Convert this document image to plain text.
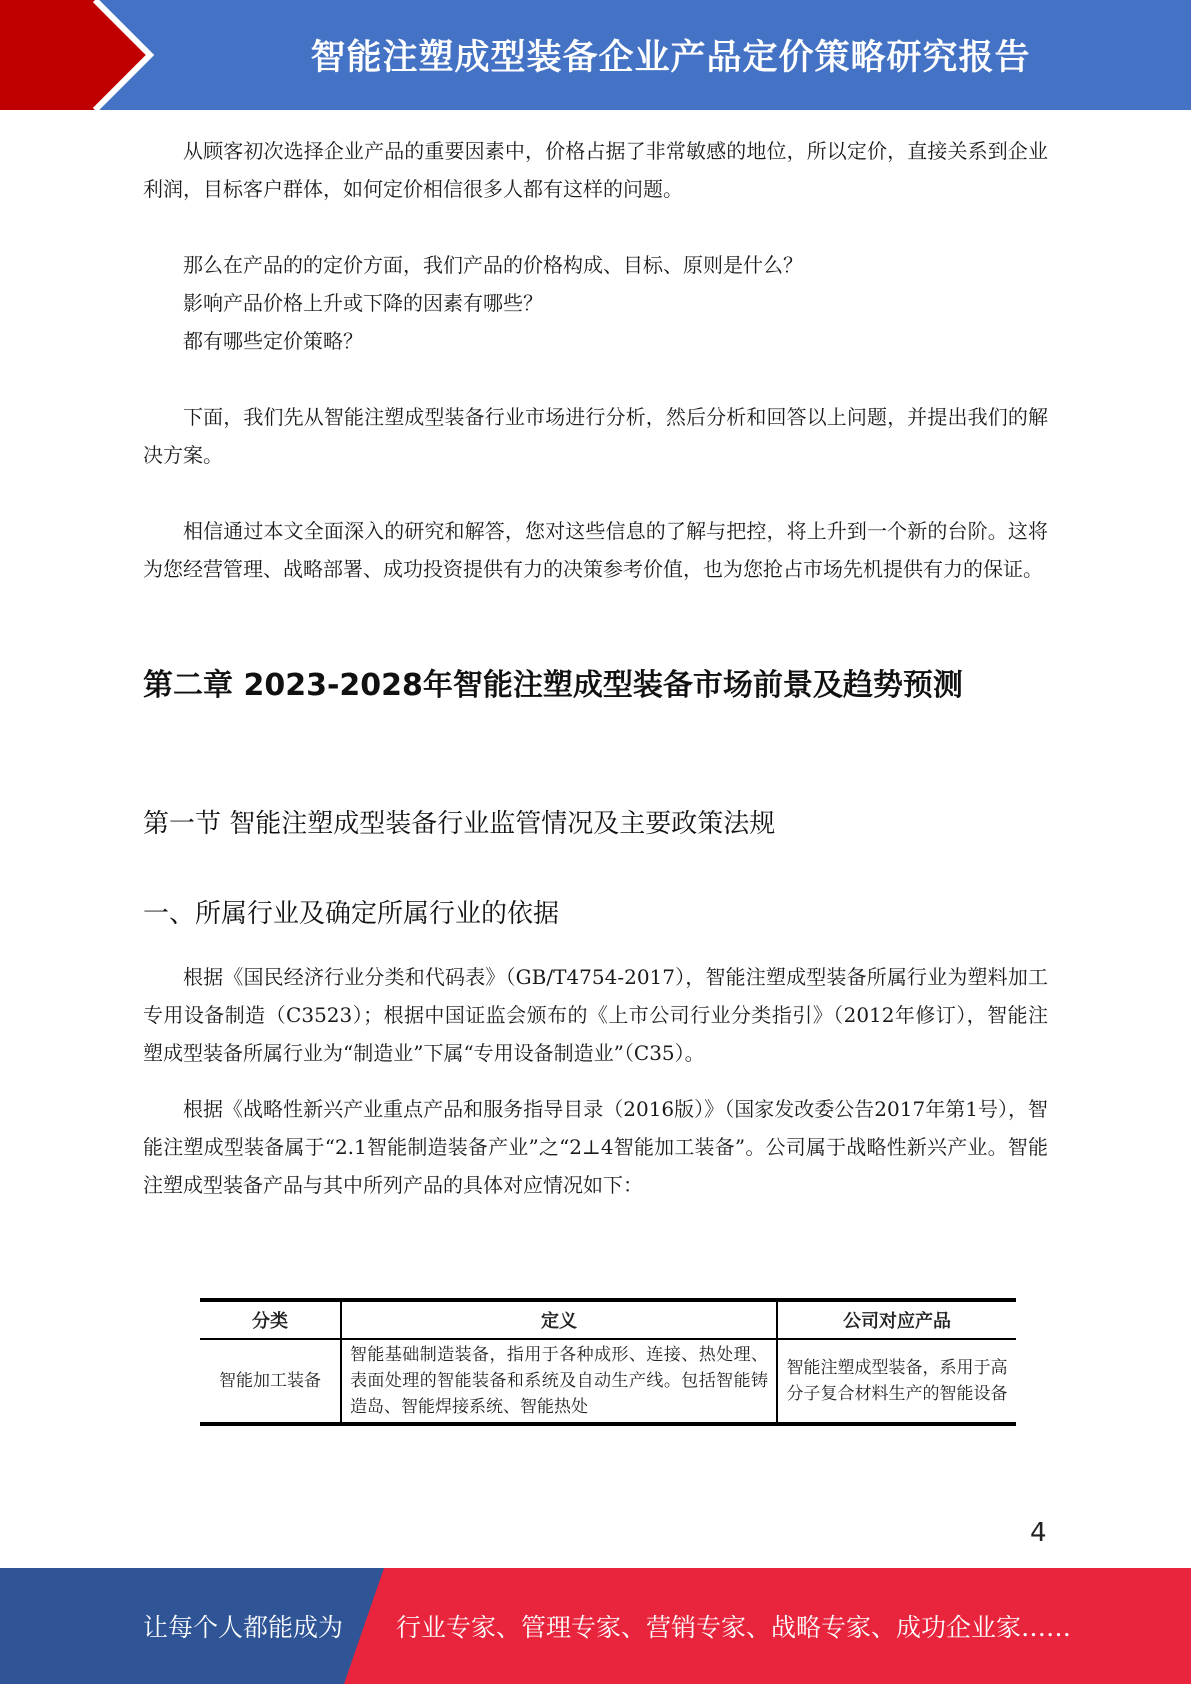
智能注塑成型装备企业产品定价策略研究报告

从顾客初次选择企业产品的重要因素中，价格占据了非常敏感的地位，所以定价，直接关系到企业利润，目标客户群体，如何定价相信很多人都有这样的问题。

那么在产品的的定价方面，我们产品的价格构成、目标、原则是什么？

影响产品价格上升或下降的因素有哪些？

都有哪些定价策略？

下面，我们先从智能注塑成型装备行业市场进行分析，然后分析和回答以上问题，并提出我们的解决方案。

相信通过本文全面深入的研究和解答，您对这些信息的了解与把控，将上升到一个新的台阶。这将为您经营管理、战略部署、成功投资提供有力的决策参考价值，也为您抢占市场先机提供有力的保证。

第二章 2023-2028年智能注塑成型装备市场前景及趋势预测
第一节 智能注塑成型装备行业监管情况及主要政策法规
一、所属行业及确定所属行业的依据

根据《国民经济行业分类和代码表》（GB/T4754-2017），智能注塑成型装备所属行业为塑料加工专用设备制造（C3523）；根据中国证监会颁布的《上市公司行业分类指引》（2012年修订），智能注塑成型装备所属行业为“制造业”下属“专用设备制造业”（C35）。

根据《战略性新兴产业重点产品和服务指导目录（2016版）》（国家发改委公告2017年第1号），智能注塑成型装备属于“2.1智能制造装备产业”之“2⊥4智能加工装备”。公司属于战略性新兴产业。智能注塑成型装备产品与其中所列产品的具体对应情况如下：

分类	定义	公司对应产品
智能加工装备	智能基础制造装备，指用于各种成形、连接、热处理、表面处理的智能装备和系统及自动生产线。包括智能铸造岛、智能焊接系统、智能热处	智能注塑成型装备，系用于高分子复合材料生产的智能设备
4
让每个人都能成为 行业专家、管理专家、营销专家、战略专家、成功企业家……
